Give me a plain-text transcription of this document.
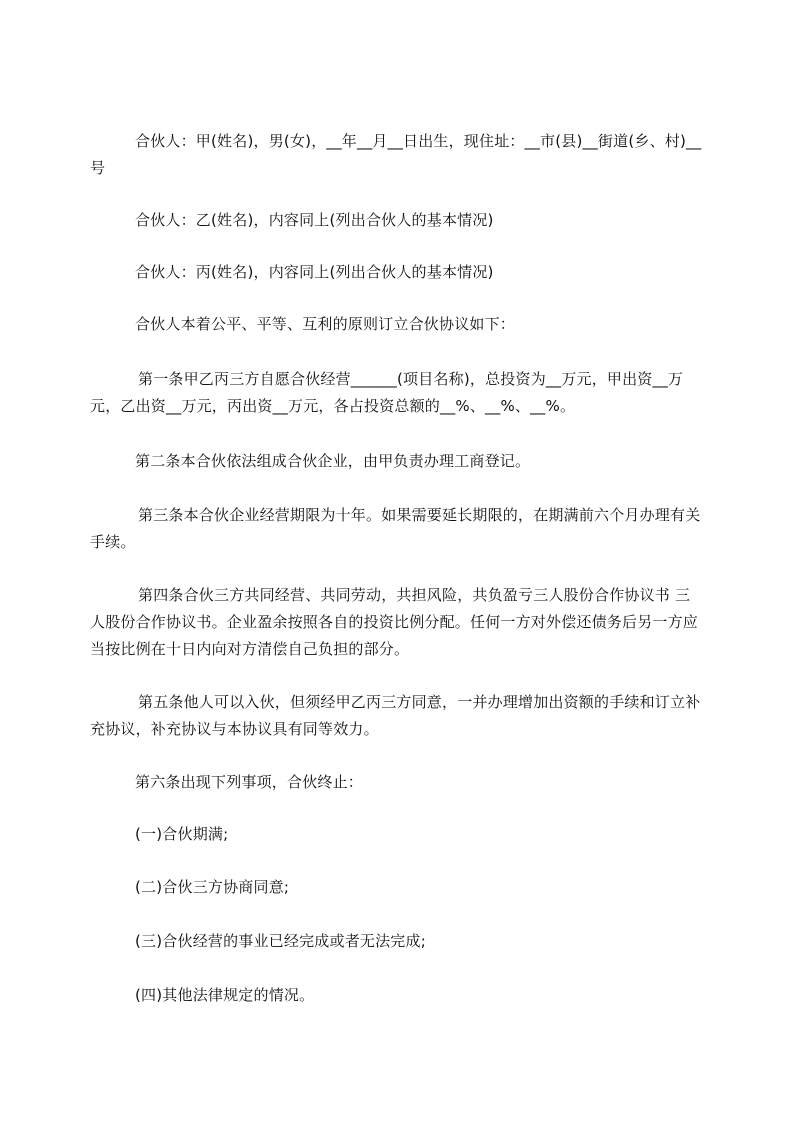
合伙人：甲(姓名)，男(女)，__年__月__日出生，现住址：__市(县)__街道(乡、村)__号
合伙人：乙(姓名)，内容同上(列出合伙人的基本情况)
合伙人：丙(姓名)，内容同上(列出合伙人的基本情况)
合伙人本着公平、平等、互利的原则订立合伙协议如下：
第一条甲乙丙三方自愿合伙经营______(项目名称)，总投资为__万元，甲出资__万元，乙出资__万元，丙出资__万元，各占投资总额的__%、__%、__%。
第二条本合伙依法组成合伙企业，由甲负责办理工商登记。
第三条本合伙企业经营期限为十年。如果需要延长期限的，在期满前六个月办理有关手续。
第四条合伙三方共同经营、共同劳动，共担风险，共负盈亏三人股份合作协议书 三人股份合作协议书。企业盈余按照各自的投资比例分配。任何一方对外偿还债务后另一方应当按比例在十日内向对方清偿自己负担的部分。
第五条他人可以入伙，但须经甲乙丙三方同意，一并办理增加出资额的手续和订立补充协议，补充协议与本协议具有同等效力。
第六条出现下列事项，合伙终止：
(一)合伙期满;
(二)合伙三方协商同意;
(三)合伙经营的事业已经完成或者无法完成;
(四)其他法律规定的情况。
